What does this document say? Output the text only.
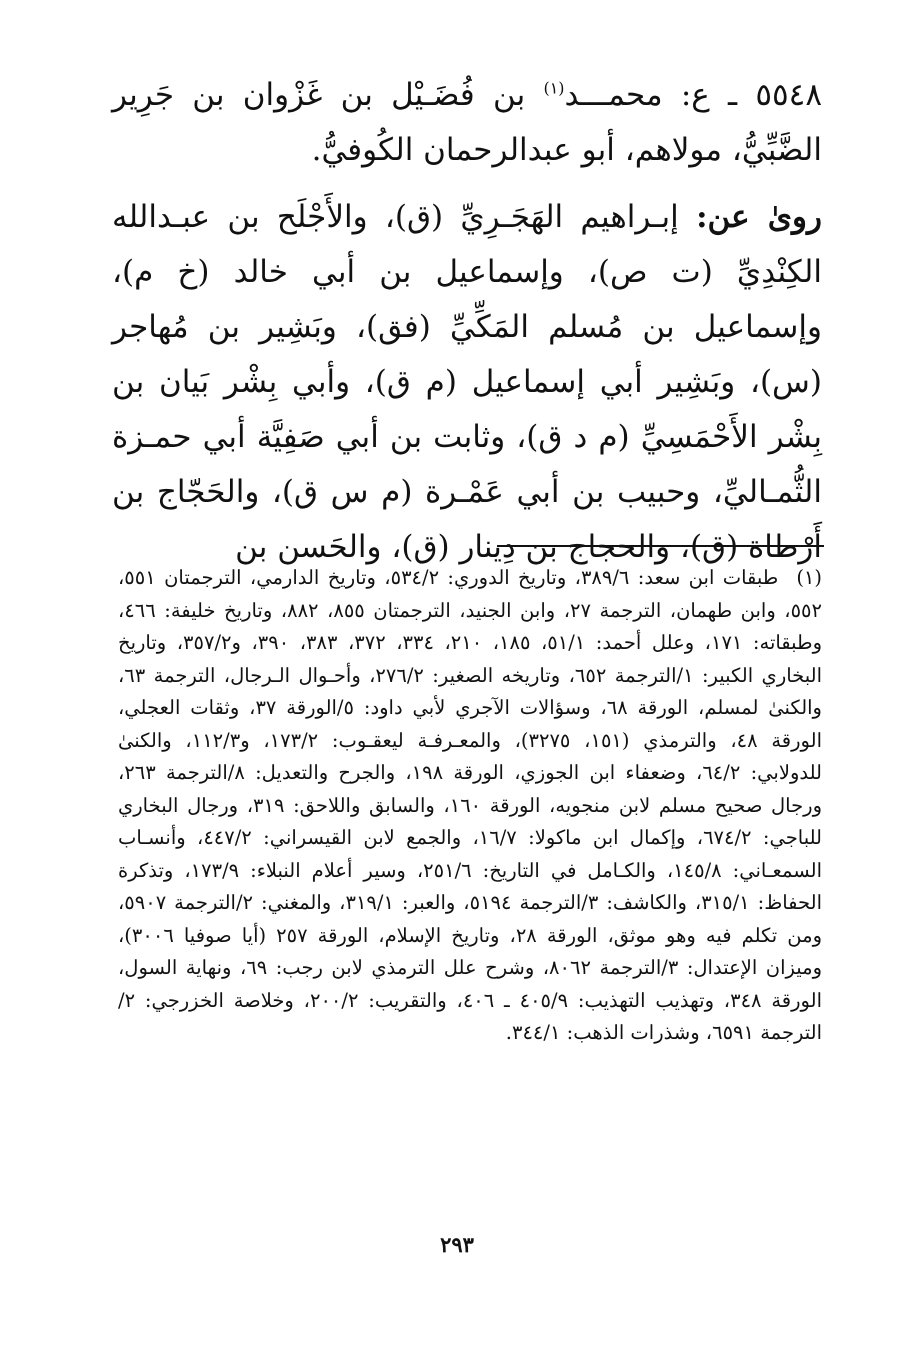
٥٥٤٨ ـ ع: محمـــد$^{(١)}$ بن فُضَـيْل بن غَزْوان بن جَرِير الضَّبِّيُّ، مولاهم، أبو عبدالرحمان الكُوفيُّ.

روىٰ عن: إبـراهيم الهَجَـرِيِّ (ق)، والأَجْلَح بن عبـدالله الكِنْدِيِّ (ت ص)، وإسماعيل بن أبي خالد (خ م)، وإسماعيل بن مُسلم المَكِّيِّ (فق)، وبَشِير بن مُهاجر (س)، وبَشِير أبي إسماعيل (م ق)، وأبي بِشْر بَيان بن بِشْر الأَحْمَسِيِّ (م د ق)، وثابت بن أبي صَفِيَّة أبي حمـزة الثُّمـاليِّ، وحبيب بن أبي عَمْـرة (م س ق)، والحَجّاج بن أَرْطاة (ق)، والحجاج بن دِينار (ق)، والحَسن بن

(١)طبقات ابن سعد: ٣٨٩/٦، وتاريخ الدوري: ٥٣٤/٢، وتاريخ الدارمي، الترجمتان ٥٥١، ٥٥٢، وابن طهمان، الترجمة ٢٧، وابن الجنيد، الترجمتان ٨٥٥، ٨٨٢، وتاريخ خليفة: ٤٦٦، وطبقاته: ١٧١، وعلل أحمد: ٥١/١، ١٨٥، ٢١٠، ٣٣٤، ٣٧٢، ٣٨٣، ٣٩٠، و٣٥٧/٢، وتاريخ البخاري الكبير: ١/الترجمة ٦٥٢، وتاريخه الصغير: ٢٧٦/٢، وأحـوال الـرجال، الترجمة ٦٣، والكنىٰ لمسلم، الورقة ٦٨، وسؤالات الآجري لأبي داود: ٥/الورقة ٣٧، وثقات العجلي، الورقة ٤٨، والترمذي (١٥١، ٣٢٧٥)، والمعـرفـة ليعقـوب: ١٧٣/٢، و١١٢/٣، والكنىٰ للدولابي: ٦٤/٢، وضعفاء ابن الجوزي، الورقة ١٩٨، والجرح والتعديل: ٨/الترجمة ٢٦٣، ورجال صحيح مسلم لابن منجويه، الورقة ١٦٠، والسابق واللاحق: ٣١٩، ورجال البخاري للباجي: ٦٧٤/٢، وإكمال ابن ماكولا: ١٦/٧، والجمع لابن القيسراني: ٤٤٧/٢، وأنسـاب السمعـاني: ١٤٥/٨، والكـامل في التاريخ: ٢٥١/٦، وسير أعلام النبلاء: ١٧٣/٩، وتذكرة الحفاظ: ٣١٥/١، والكاشف: ٣/الترجمة ٥١٩٤، والعبر: ٣١٩/١، والمغني: ٢/الترجمة ٥٩٠٧، ومن تكلم فيه وهو موثق، الورقة ٢٨، وتاريخ الإسلام، الورقة ٢٥٧ (أيا صوفيا ٣٠٠٦)، وميزان الإعتدال: ٣/الترجمة ٨٠٦٢، وشرح علل الترمذي لابن رجب: ٦٩، ونهاية السول، الورقة ٣٤٨، وتهذيب التهذيب: ٤٠٥/٩ ـ ٤٠٦، والتقريب: ٢٠٠/٢، وخلاصة الخزرجي: ٢/الترجمة ٦٥٩١، وشذرات الذهب: ٣٤٤/١.
٢٩٣
